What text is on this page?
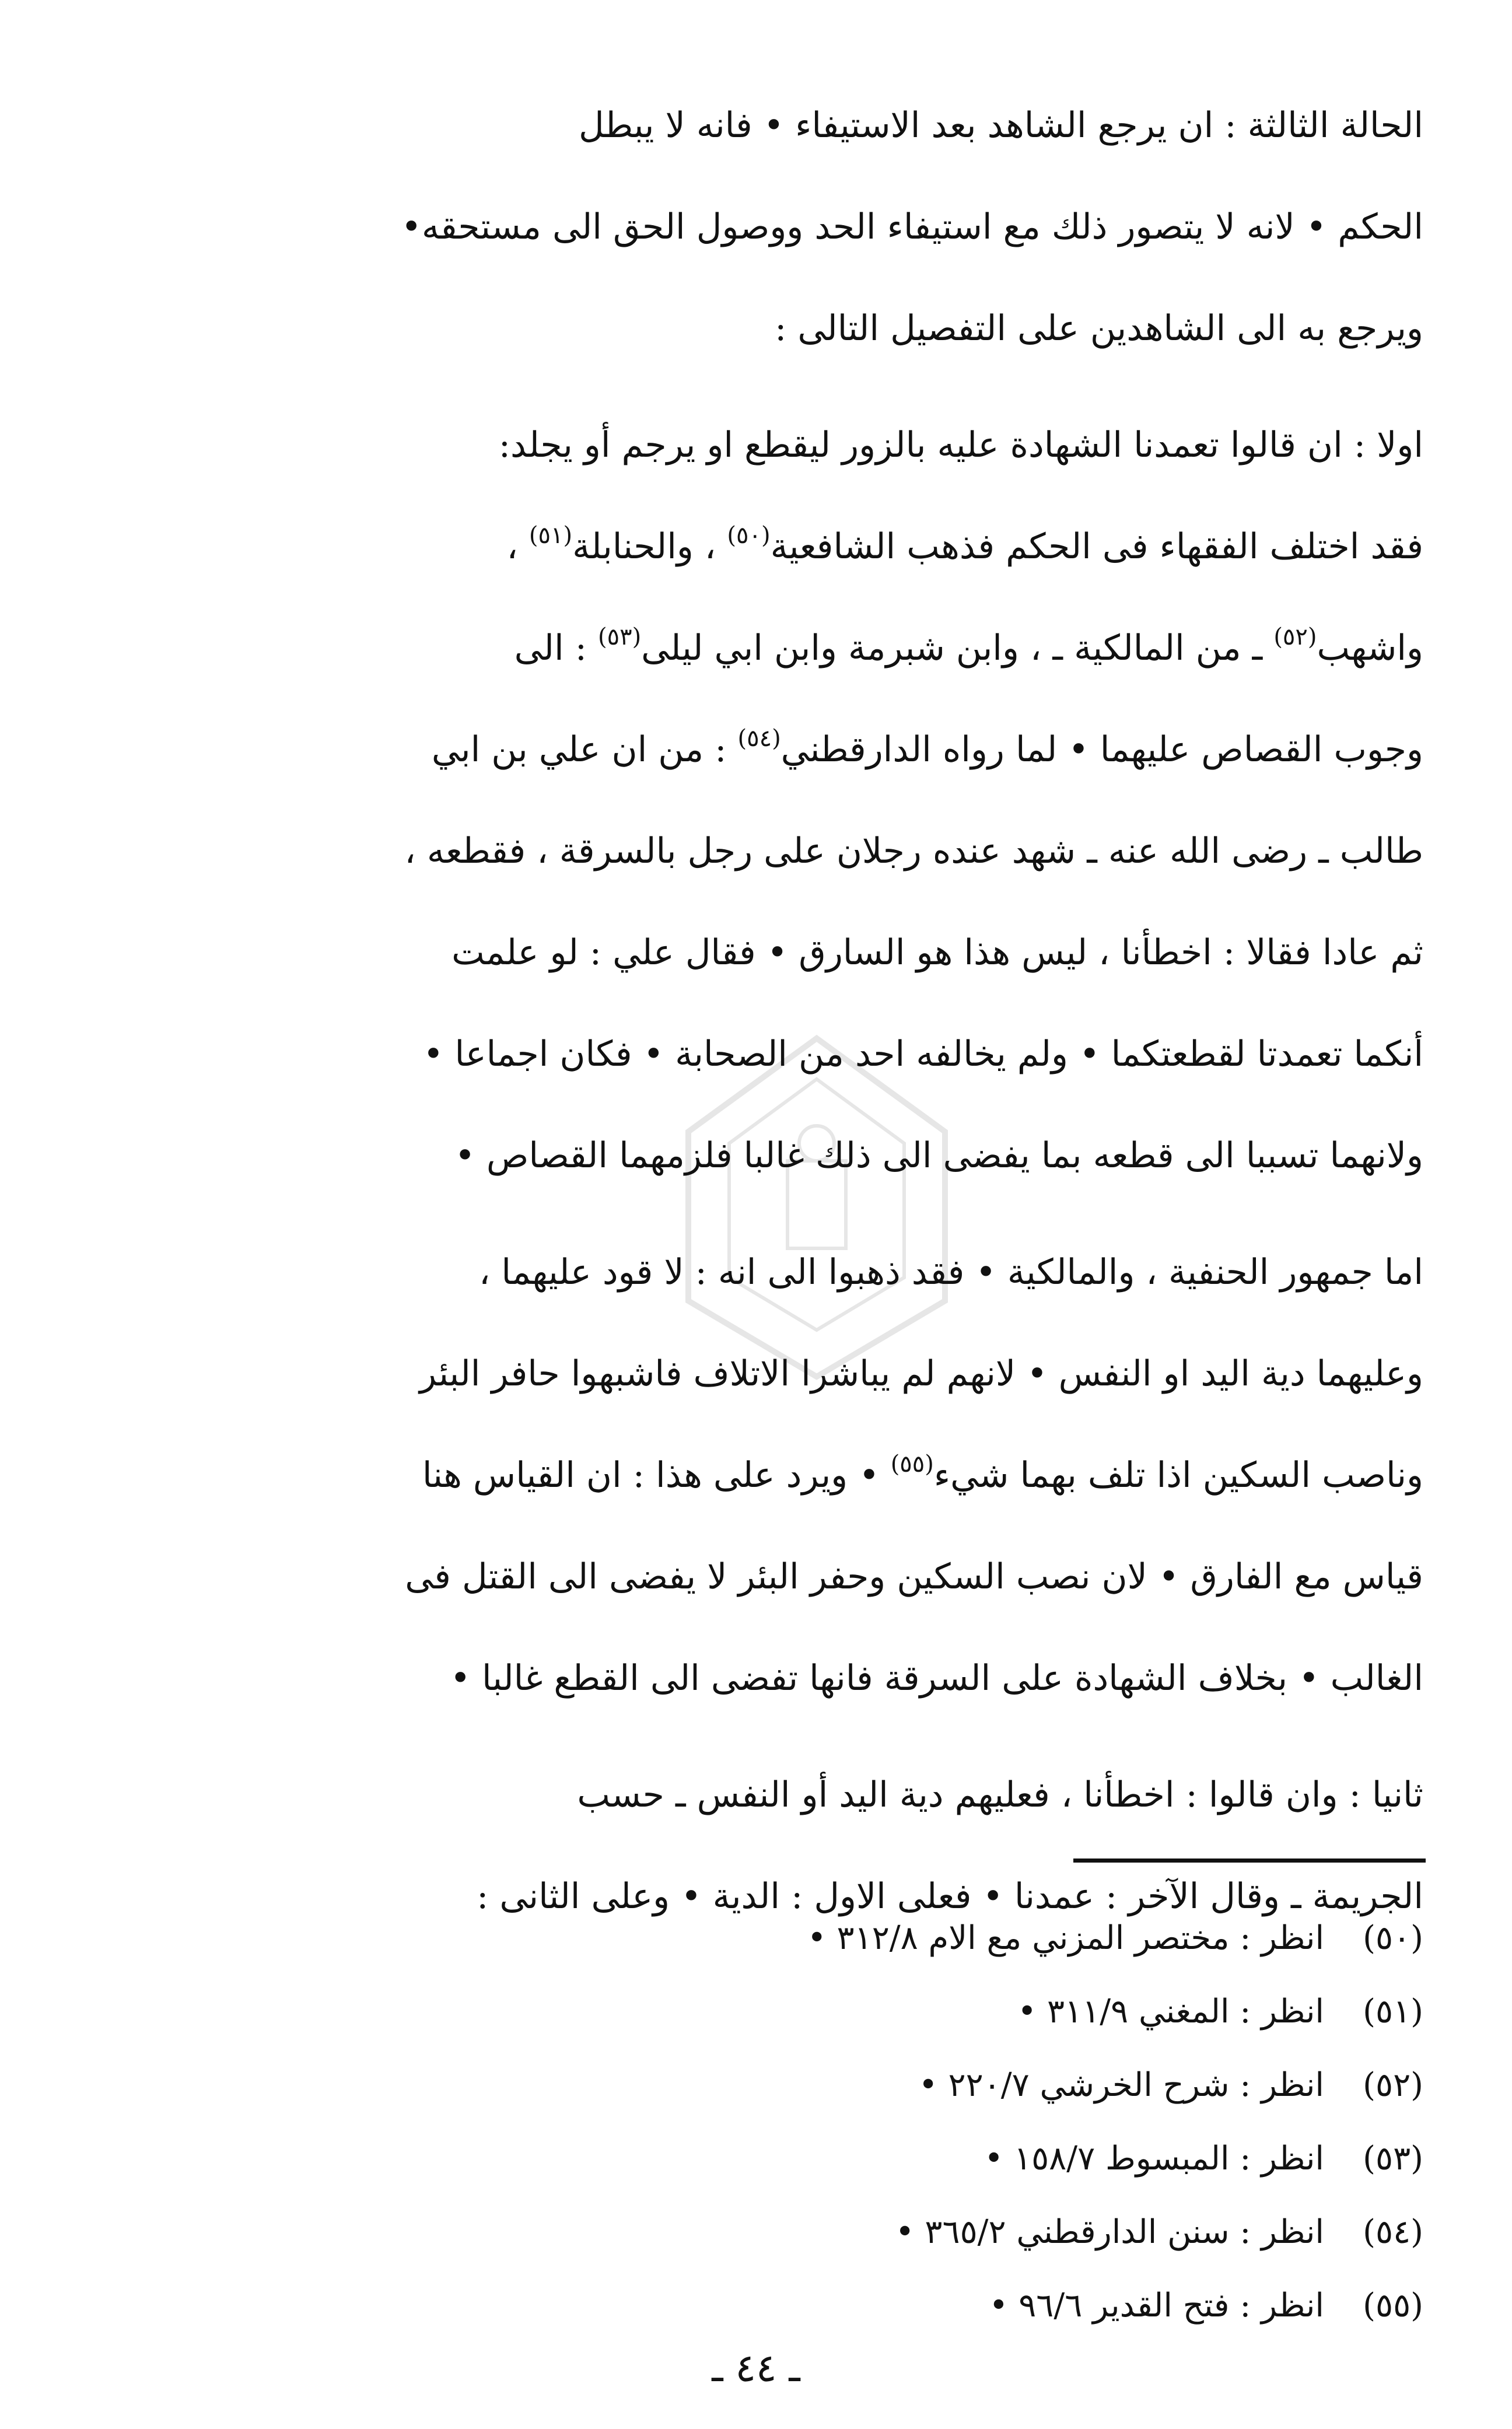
الحالة الثالثة : ان يرجع الشاهد بعد الاستيفاء • فانه لا يبطل
الحكم • لانه لا يتصور ذلك مع استيفاء الحد ووصول الحق الى مستحقه•
ويرجع به الى الشاهدين على التفصيل التالى :

اولا : ان قالوا تعمدنا الشهادة عليه بالزور ليقطع او يرجم أو يجلد:
فقد اختلف الفقهاء فى الحكم فذهب الشافعية$^{(٥٠)}$ ، والحنابلة$^{(٥١)}$ ،
واشهب$^{(٥٢)}$ ـ من المالكية ـ ، وابن شبرمة وابن ابي ليلى$^{(٥٣)}$ : الى
وجوب القصاص عليهما • لما رواه الدارقطني$^{(٥٤)}$ : من ان علي بن ابي
طالب ـ رضى الله عنه ـ شهد عنده رجلان على رجل بالسرقة ، فقطعه ،
ثم عادا فقالا : اخطأنا ، ليس هذا هو السارق • فقال علي : لو علمت
أنكما تعمدتا لقطعتكما • ولم يخالفه احد من الصحابة • فكان اجماعا •
ولانهما تسببا الى قطعه بما يفضى الى ذلك غالبا فلزمهما القصاص •

اما جمهور الحنفية ، والمالكية • فقد ذهبوا الى انه : لا قود عليهما ،
وعليهما دية اليد او النفس • لانهم لم يباشرا الاتلاف فاشبهوا حافر البئر
وناصب السكين اذا تلف بهما شيء$^{(٥٥)}$ • ويرد على هذا : ان القياس هنا
قياس مع الفارق • لان نصب السكين وحفر البئر لا يفضى الى القتل فى
الغالب • بخلاف الشهادة على السرقة فانها تفضى الى القطع غالبا •

ثانيا : وان قالوا : اخطأنا ، فعليهم دية اليد أو النفس ـ حسب
الجريمة ـ وقال الآخر : عمدنا • فعلى الاول : الدية • وعلى الثانى :

(٥٠)انظر : مختصر المزني مع الام ٣١٢/٨ •

(٥١)انظر : المغني ٣١١/٩ •

(٥٢)انظر : شرح الخرشي ٢٢٠/٧ •

(٥٣)انظر : المبسوط ١٥٨/٧ •

(٥٤)انظر : سنن الدارقطني ٣٦٥/٢ •

(٥٥)انظر : فتح القدير ٩٦/٦ •

ـ ٤٤ ـ
